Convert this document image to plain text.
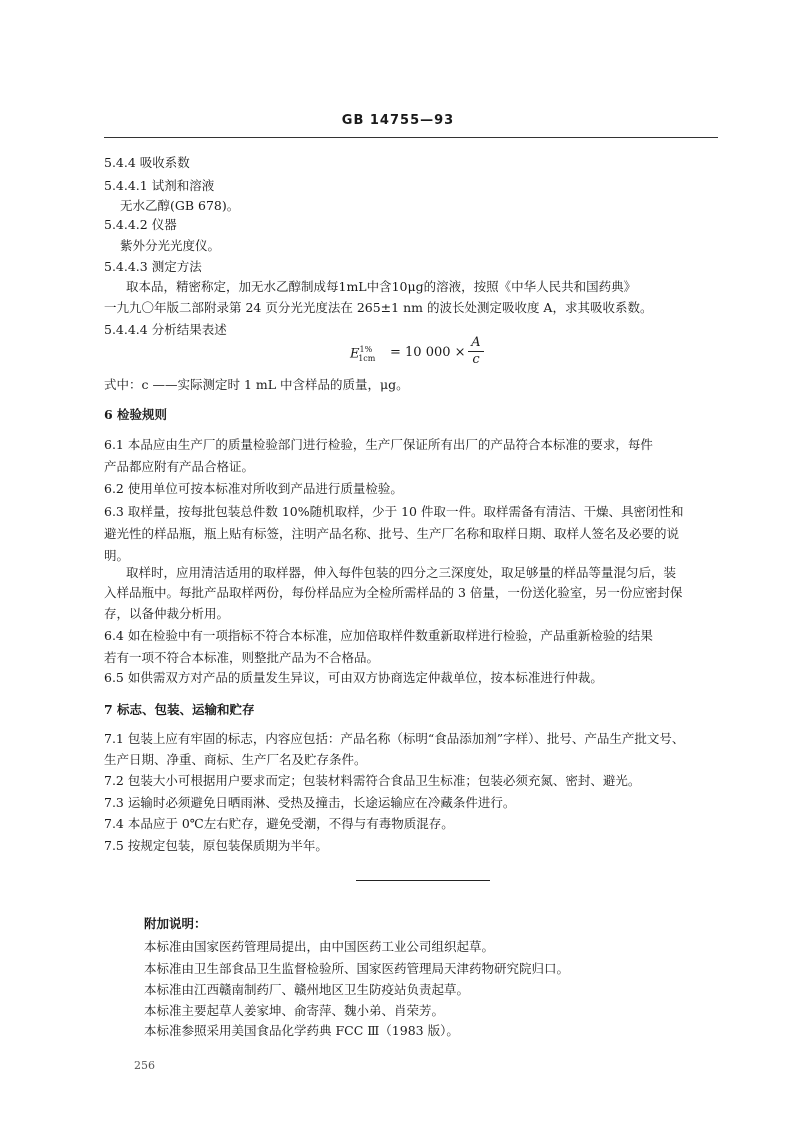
GB 14755—93
5.4.4 吸收系数
5.4.4.1 试剂和溶液
无水乙醇(GB 678)。
5.4.4.2 仪器
紫外分光光度仪。
5.4.4.3 测定方法
取本品，精密称定，加无水乙醇制成每1mL中含10μg的溶液，按照《中华人民共和国药典》
一九九〇年版二部附录第 24 页分光光度法在 265±1 nm 的波长处测定吸收度 A，求其吸收系数。
5.4.4.4 分析结果表述
$E^{1\%}_{1cm} = 10$ 000 ×
A
c
式中：c ——实际测定时 1 mL 中含样品的质量，μg。
6 检验规则
6.1 本品应由生产厂的质量检验部门进行检验，生产厂保证所有出厂的产品符合本标准的要求，每件
产品都应附有产品合格证。
6.2 使用单位可按本标准对所收到产品进行质量检验。
6.3 取样量，按每批包装总件数 10%随机取样，少于 10 件取一件。取样需备有清洁、干燥、具密闭性和
避光性的样品瓶，瓶上贴有标签，注明产品名称、批号、生产厂名称和取样日期、取样人签名及必要的说
明。
取样时，应用清洁适用的取样器，伸入每件包装的四分之三深度处，取足够量的样品等量混匀后，装
入样品瓶中。每批产品取样两份，每份样品应为全检所需样品的 3 倍量，一份送化验室，另一份应密封保
存，以备仲裁分析用。
6.4 如在检验中有一项指标不符合本标准，应加倍取样件数重新取样进行检验，产品重新检验的结果
若有一项不符合本标准，则整批产品为不合格品。
6.5 如供需双方对产品的质量发生异议，可由双方协商选定仲裁单位，按本标准进行仲裁。
7 标志、包装、运输和贮存
7.1 包装上应有牢固的标志，内容应包括：产品名称（标明“食品添加剂”字样）、批号、产品生产批文号、
生产日期、净重、商标、生产厂名及贮存条件。
7.2 包装大小可根据用户要求而定；包装材料需符合食品卫生标准；包装必须充氮、密封、避光。
7.3 运输时必须避免日晒雨淋、受热及撞击，长途运输应在冷藏条件进行。
7.4 本品应于 0℃左右贮存，避免受潮，不得与有毒物质混存。
7.5 按规定包装，原包装保质期为半年。
附加说明：
本标准由国家医药管理局提出，由中国医药工业公司组织起草。
本标准由卫生部食品卫生监督检验所、国家医药管理局天津药物研究院归口。
本标准由江西赣南制药厂、赣州地区卫生防疫站负责起草。
本标准主要起草人姜家坤、俞寄萍、魏小弟、肖荣芳。
本标准参照采用美国食品化学药典 FCC Ⅲ（1983 版）。
256
